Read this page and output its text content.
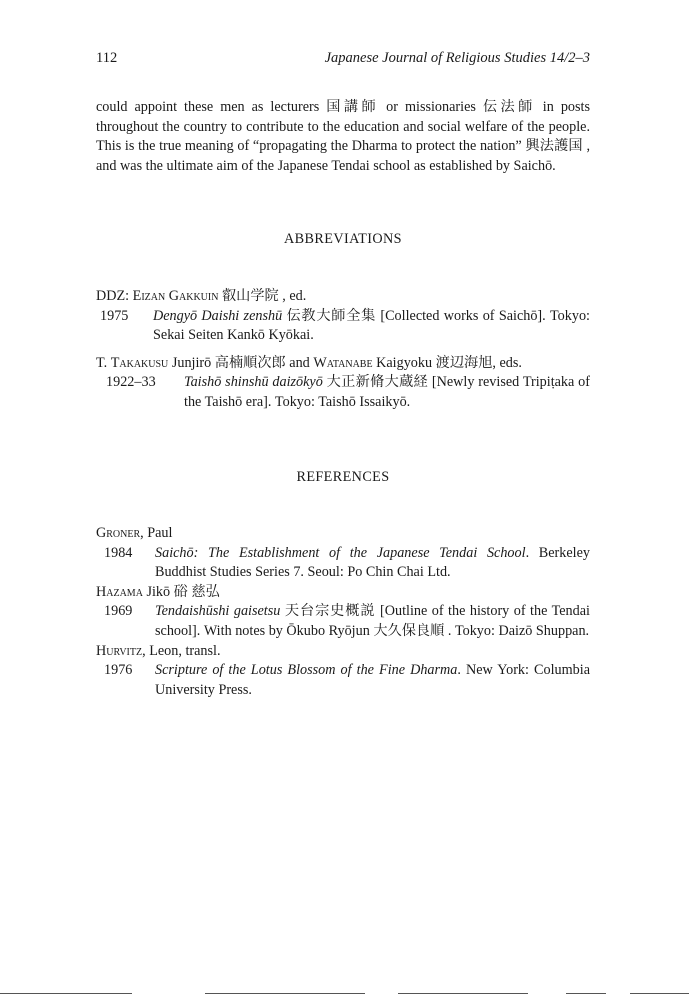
112	Japanese Journal of Religious Studies 14/2–3
could appoint these men as lecturers 国講師 or missionaries 伝法師 in posts throughout the country to contribute to the education and social welfare of the people. This is the true meaning of “propagating the Dharma to protect the nation” 興法護国 , and was the ultimate aim of the Japanese Tendai school as established by Saichō.
ABBREVIATIONS
DDZ: Eizan Gakkuin 叡山学院 , ed.
1975	Dengyō Daishi zenshū 伝教大師全集 [Collected works of Saichō]. Tokyo: Sekai Seiten Kankō Kyōkai.
T. Takakusu Junjirō 高楠順次郎 and Watanabe Kaigyoku 渡辺海旭, eds.
1922–33	Taishō shinshū daizōkyō 大正新脩大蔵経 [Newly revised Tripiṭaka of the Taishō era]. Tokyo: Taishō Issaikyō.
REFERENCES
Groner, Paul
1984	Saichō: The Establishment of the Japanese Tendai School. Berkeley Buddhist Studies Series 7. Seoul: Po Chin Chai Ltd.
Hazama Jikō 硲 慈弘
1969	Tendaishūshi gaisetsu 天台宗史概説 [Outline of the history of the Tendai school]. With notes by Ōkubo Ryōjun 大久保良順 . Tokyo: Daizō Shuppan.
Hurvitz, Leon, transl.
1976	Scripture of the Lotus Blossom of the Fine Dharma. New York: Columbia University Press.
